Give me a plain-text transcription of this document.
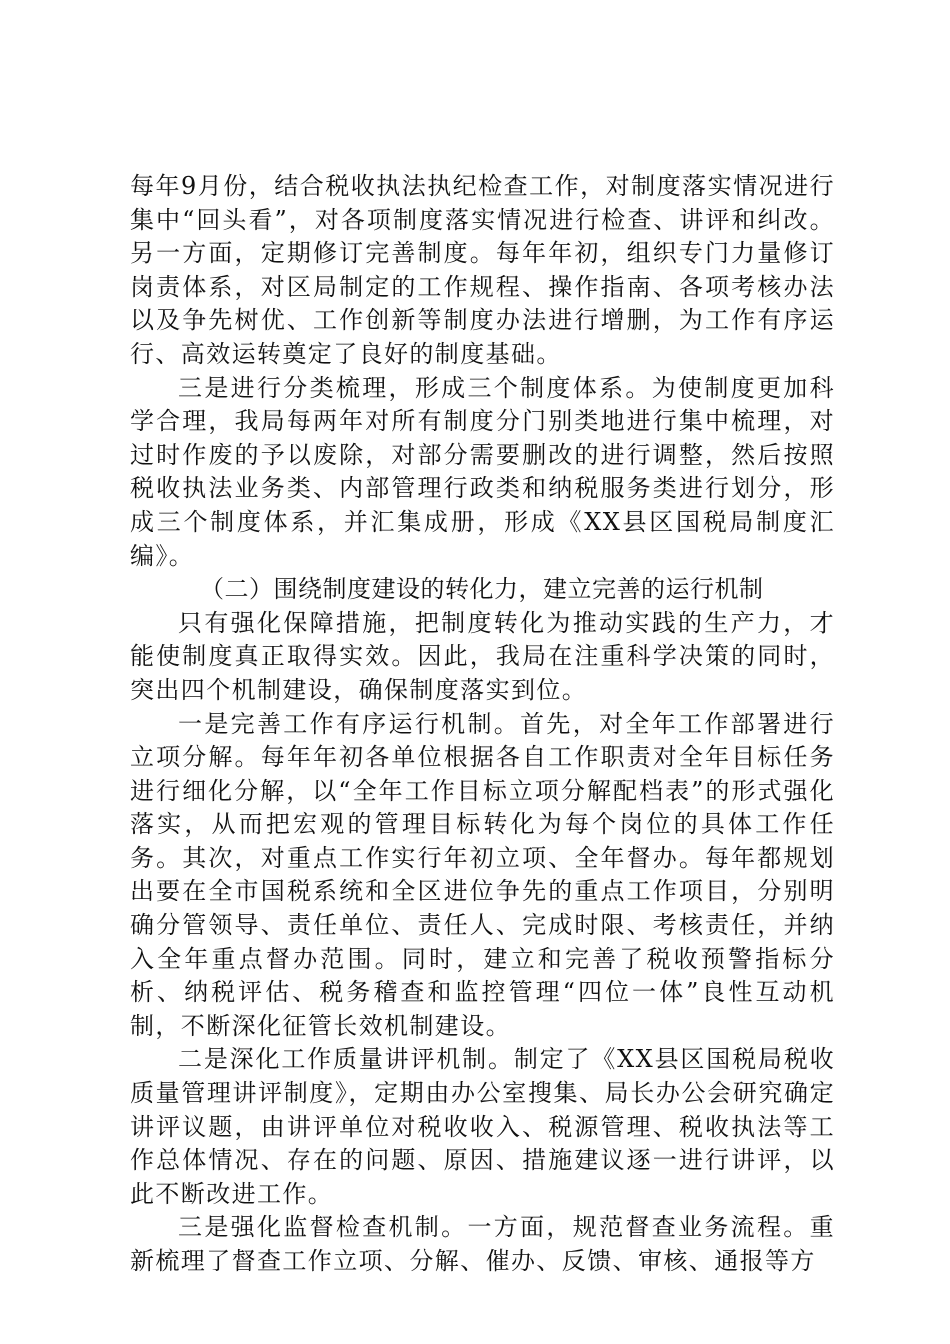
每年9月份，结合税收执法执纪检查工作，对制度落实情况进行集中“回头看”，对各项制度落实情况进行检查、讲评和纠改。另一方面，定期修订完善制度。每年年初，组织专门力量修订岗责体系，对区局制定的工作规程、操作指南、各项考核办法以及争先树优、工作创新等制度办法进行增删，为工作有序运行、高效运转奠定了良好的制度基础。

三是进行分类梳理，形成三个制度体系。为使制度更加科学合理，我局每两年对所有制度分门别类地进行集中梳理，对过时作废的予以废除，对部分需要删改的进行调整，然后按照税收执法业务类、内部管理行政类和纳税服务类进行划分，形成三个制度体系，并汇集成册，形成《XX县区国税局制度汇编》。

（二）围绕制度建设的转化力，建立完善的运行机制

只有强化保障措施，把制度转化为推动实践的生产力，才能使制度真正取得实效。因此，我局在注重科学决策的同时，突出四个机制建设，确保制度落实到位。

一是完善工作有序运行机制。首先，对全年工作部署进行立项分解。每年年初各单位根据各自工作职责对全年目标任务进行细化分解，以“全年工作目标立项分解配档表”的形式强化落实，从而把宏观的管理目标转化为每个岗位的具体工作任务。其次，对重点工作实行年初立项、全年督办。每年都规划出要在全市国税系统和全区进位争先的重点工作项目，分别明确分管领导、责任单位、责任人、完成时限、考核责任，并纳入全年重点督办范围。同时，建立和完善了税收预警指标分析、纳税评估、税务稽查和监控管理“四位一体”良性互动机制，不断深化征管长效机制建设。

二是深化工作质量讲评机制。制定了《XX县区国税局税收质量管理讲评制度》，定期由办公室搜集、局长办公会研究确定讲评议题，由讲评单位对税收收入、税源管理、税收执法等工作总体情况、存在的问题、原因、措施建议逐一进行讲评，以此不断改进工作。

三是强化监督检查机制。一方面，规范督查业务流程。重新梳理了督查工作立项、分解、催办、反馈、审核、通报等方
